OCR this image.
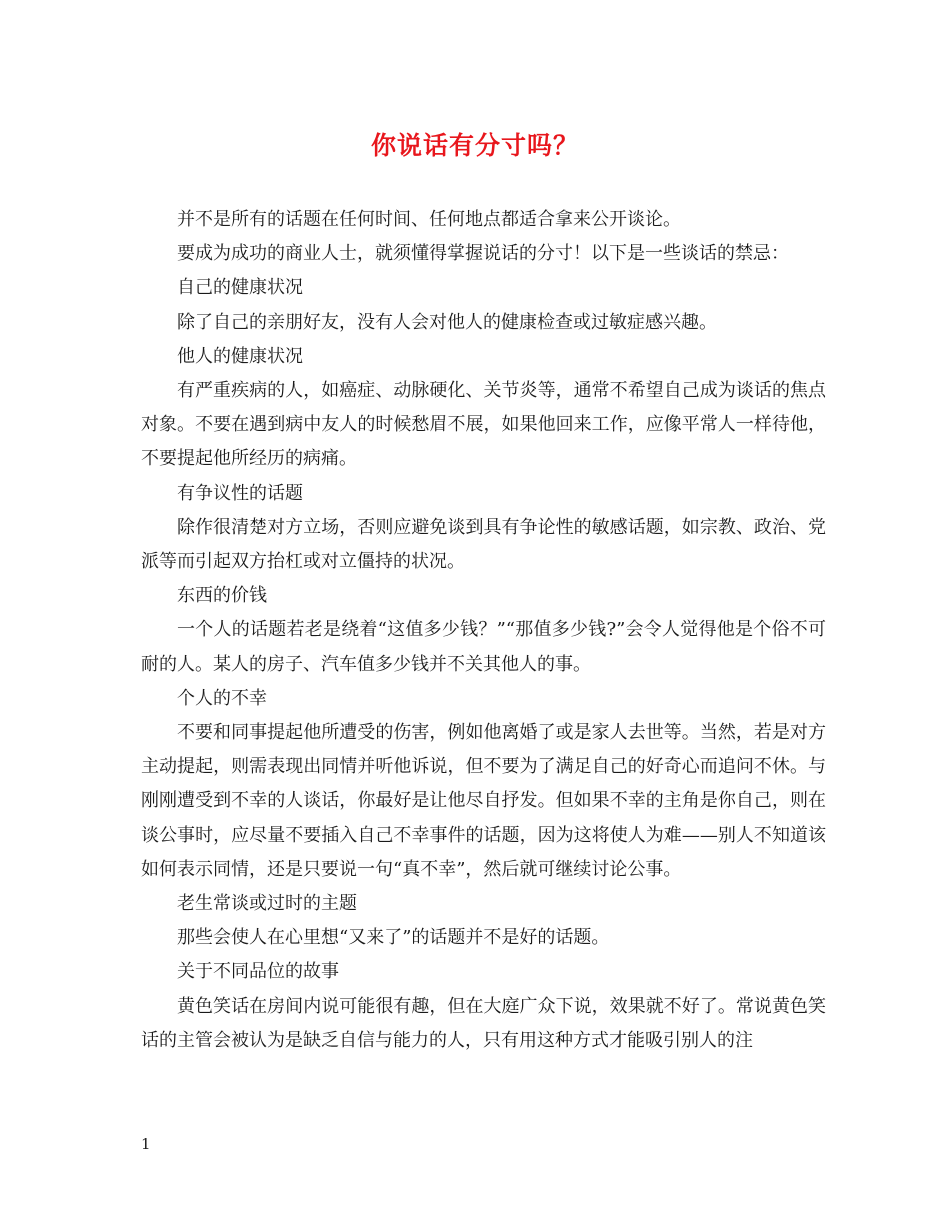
你说话有分寸吗？

并不是所有的话题在任何时间、任何地点都适合拿来公开谈论。

要成为成功的商业人士，就须懂得掌握说话的分寸！以下是一些谈话的禁忌：

自己的健康状况

除了自己的亲朋好友，没有人会对他人的健康检查或过敏症感兴趣。

他人的健康状况

有严重疾病的人，如癌症、动脉硬化、关节炎等，通常不希望自己成为谈话的焦点对象。不要在遇到病中友人的时候愁眉不展，如果他回来工作，应像平常人一样待他，不要提起他所经历的病痛。

有争议性的话题

除作很清楚对方立场，否则应避免谈到具有争论性的敏感话题，如宗教、政治、党派等而引起双方抬杠或对立僵持的状况。

东西的价钱

一个人的话题若老是绕着“这值多少钱？”“那值多少钱?”会令人觉得他是个俗不可耐的人。某人的房子、汽车值多少钱并不关其他人的事。

个人的不幸

不要和同事提起他所遭受的伤害，例如他离婚了或是家人去世等。当然，若是对方主动提起，则需表现出同情并听他诉说，但不要为了满足自己的好奇心而追问不休。与刚刚遭受到不幸的人谈话，你最好是让他尽自抒发。但如果不幸的主角是你自己，则在谈公事时，应尽量不要插入自己不幸事件的话题，因为这将使人为难——别人不知道该如何表示同情，还是只要说一句“真不幸”，然后就可继续讨论公事。

老生常谈或过时的主题

那些会使人在心里想“又来了”的话题并不是好的话题。

关于不同品位的故事

黄色笑话在房间内说可能很有趣，但在大庭广众下说，效果就不好了。常说黄色笑话的主管会被认为是缺乏自信与能力的人，只有用这种方式才能吸引别人的注

1
